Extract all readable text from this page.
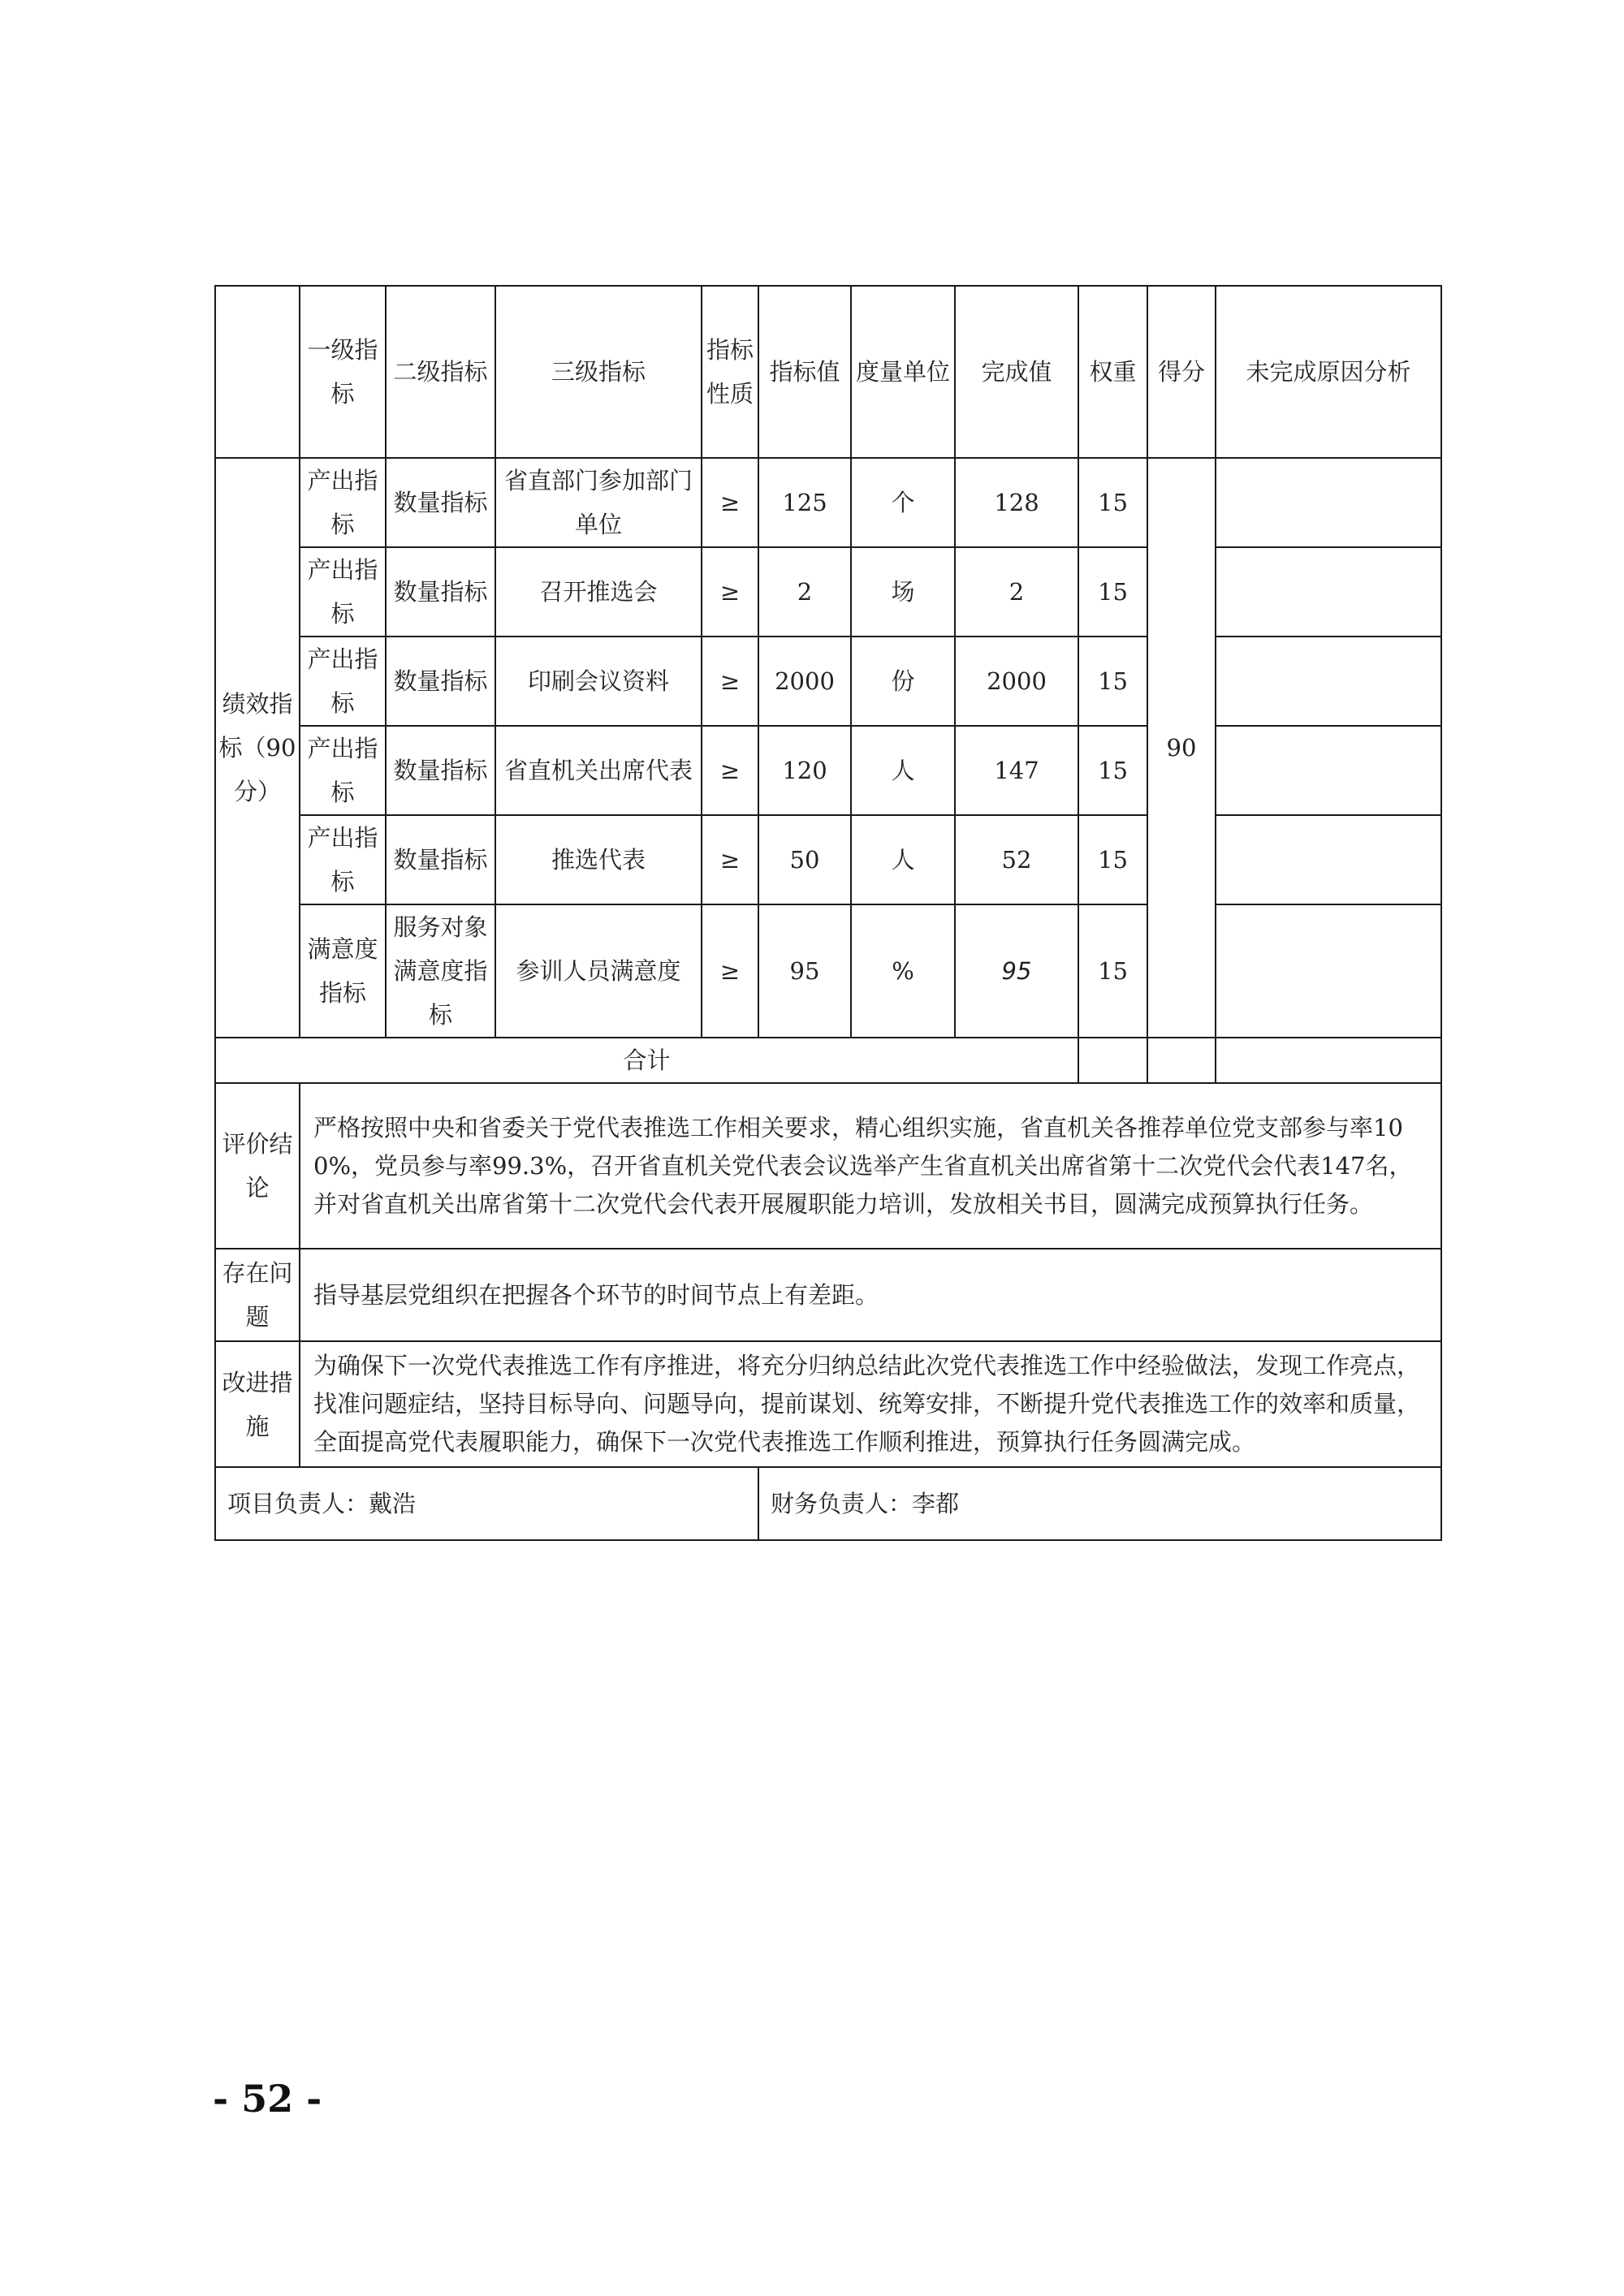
	一级指标	二级指标	三级指标	指标性质	指标值	度量单位	完成值	权重	得分	未完成原因分析
绩效指标（90分）	产出指标	数量指标	省直部门参加部门单位	≥	125	个	128	15	90	
	产出指标	数量指标	召开推选会	≥	2	场	2	15		
	产出指标	数量指标	印刷会议资料	≥	2000	份	2000	15		
	产出指标	数量指标	省直机关出席代表	≥	120	人	147	15		
	产出指标	数量指标	推选代表	≥	50	人	52	15		
	满意度指标	服务对象满意度指标	参训人员满意度	≥	95	%	95	15		
合计										
评价结论	严格按照中央和省委关于党代表推选工作相关要求，精心组织实施，省直机关各推荐单位党支部参与率100%，党员参与率99.3%，召开省直机关党代表会议选举产生省直机关出席省第十二次党代会代表147名，并对省直机关出席省第十二次党代会代表开展履职能力培训，发放相关书目，圆满完成预算执行任务。									
存在问题	指导基层党组织在把握各个环节的时间节点上有差距。									
改进措施	为确保下一次党代表推选工作有序推进，将充分归纳总结此次党代表推选工作中经验做法，发现工作亮点，找准问题症结，坚持目标导向、问题导向，提前谋划、统筹安排，不断提升党代表推选工作的效率和质量，全面提高党代表履职能力，确保下一次党代表推选工作顺利推进，预算执行任务圆满完成。									
项目负责人：戴浩					财务负责人：李都					
- 52 -
